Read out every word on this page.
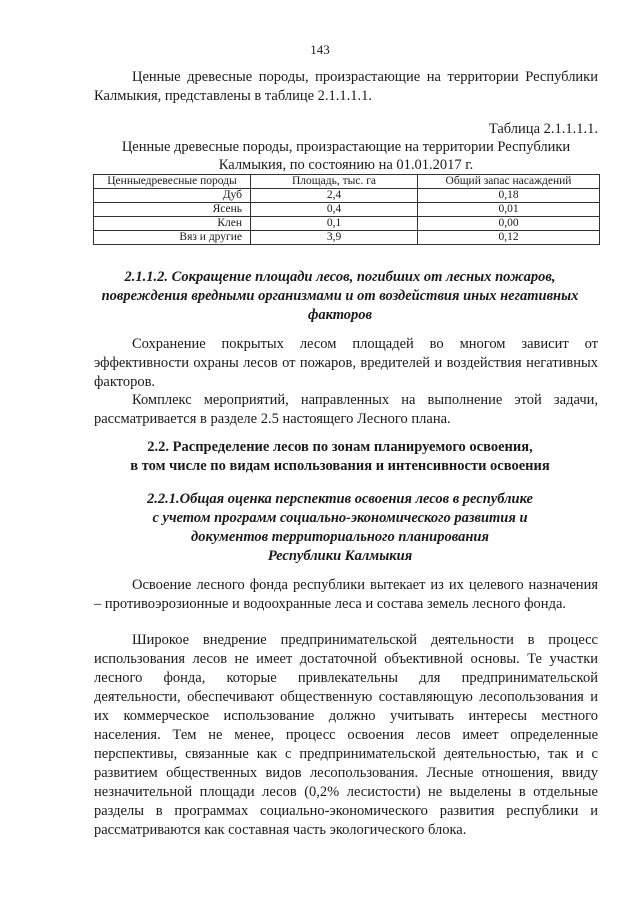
143
Ценные древесные породы, произрастающие на территории Республики Калмыкия, представлены в таблице 2.1.1.1.1.
Таблица 2.1.1.1.1.
Ценные древесные породы, произрастающие на территории Республики Калмыкия, по состоянию на 01.01.2017 г.
Ценныедревесные породы	Площадь, тыс. га	Общий запас насаждений
Дуб	2,4	0,18
Ясень	0,4	0,01
Клен	0,1	0,00
Вяз и другие	3,9	0,12
2.1.1.2. Сокращение площади лесов, погибших от лесных пожаров,
повреждения вредными организмами и от воздействия иных негативных
факторов
Сохранение покрытых лесом площадей во многом зависит от эффективности охраны лесов от пожаров, вредителей и воздействия негативных факторов.
Комплекс мероприятий, направленных на выполнение этой задачи, рассматривается в разделе 2.5 настоящего Лесного плана.
2.2. Распределение лесов по зонам планируемого освоения,
в том числе по видам использования и интенсивности освоения
2.2.1.Общая оценка перспектив освоения лесов в республике
с учетом программ социально-экономического развития и
документов территориального планирования
Республики Калмыкия
Освоение лесного фонда республики вытекает из их целевого назначения – противоэрозионные и водоохранные леса и состава земель лесного фонда.
Широкое внедрение предпринимательской деятельности в процесс использования лесов не имеет достаточной объективной основы. Те участки лесного фонда, которые привлекательны для предпринимательской деятельности, обеспечивают общественную составляющую лесопользования и их коммерческое использование должно учитывать интересы местного населения. Тем не менее, процесс освоения лесов имеет определенные перспективы, связанные как с предпринимательской деятельностью, так и с развитием общественных видов лесопользования. Лесные отношения, ввиду незначительной площади лесов (0,2% лесистости) не выделены в отдельные разделы в программах социально-экономического развития республики и рассматриваются как составная часть экологического блока.
